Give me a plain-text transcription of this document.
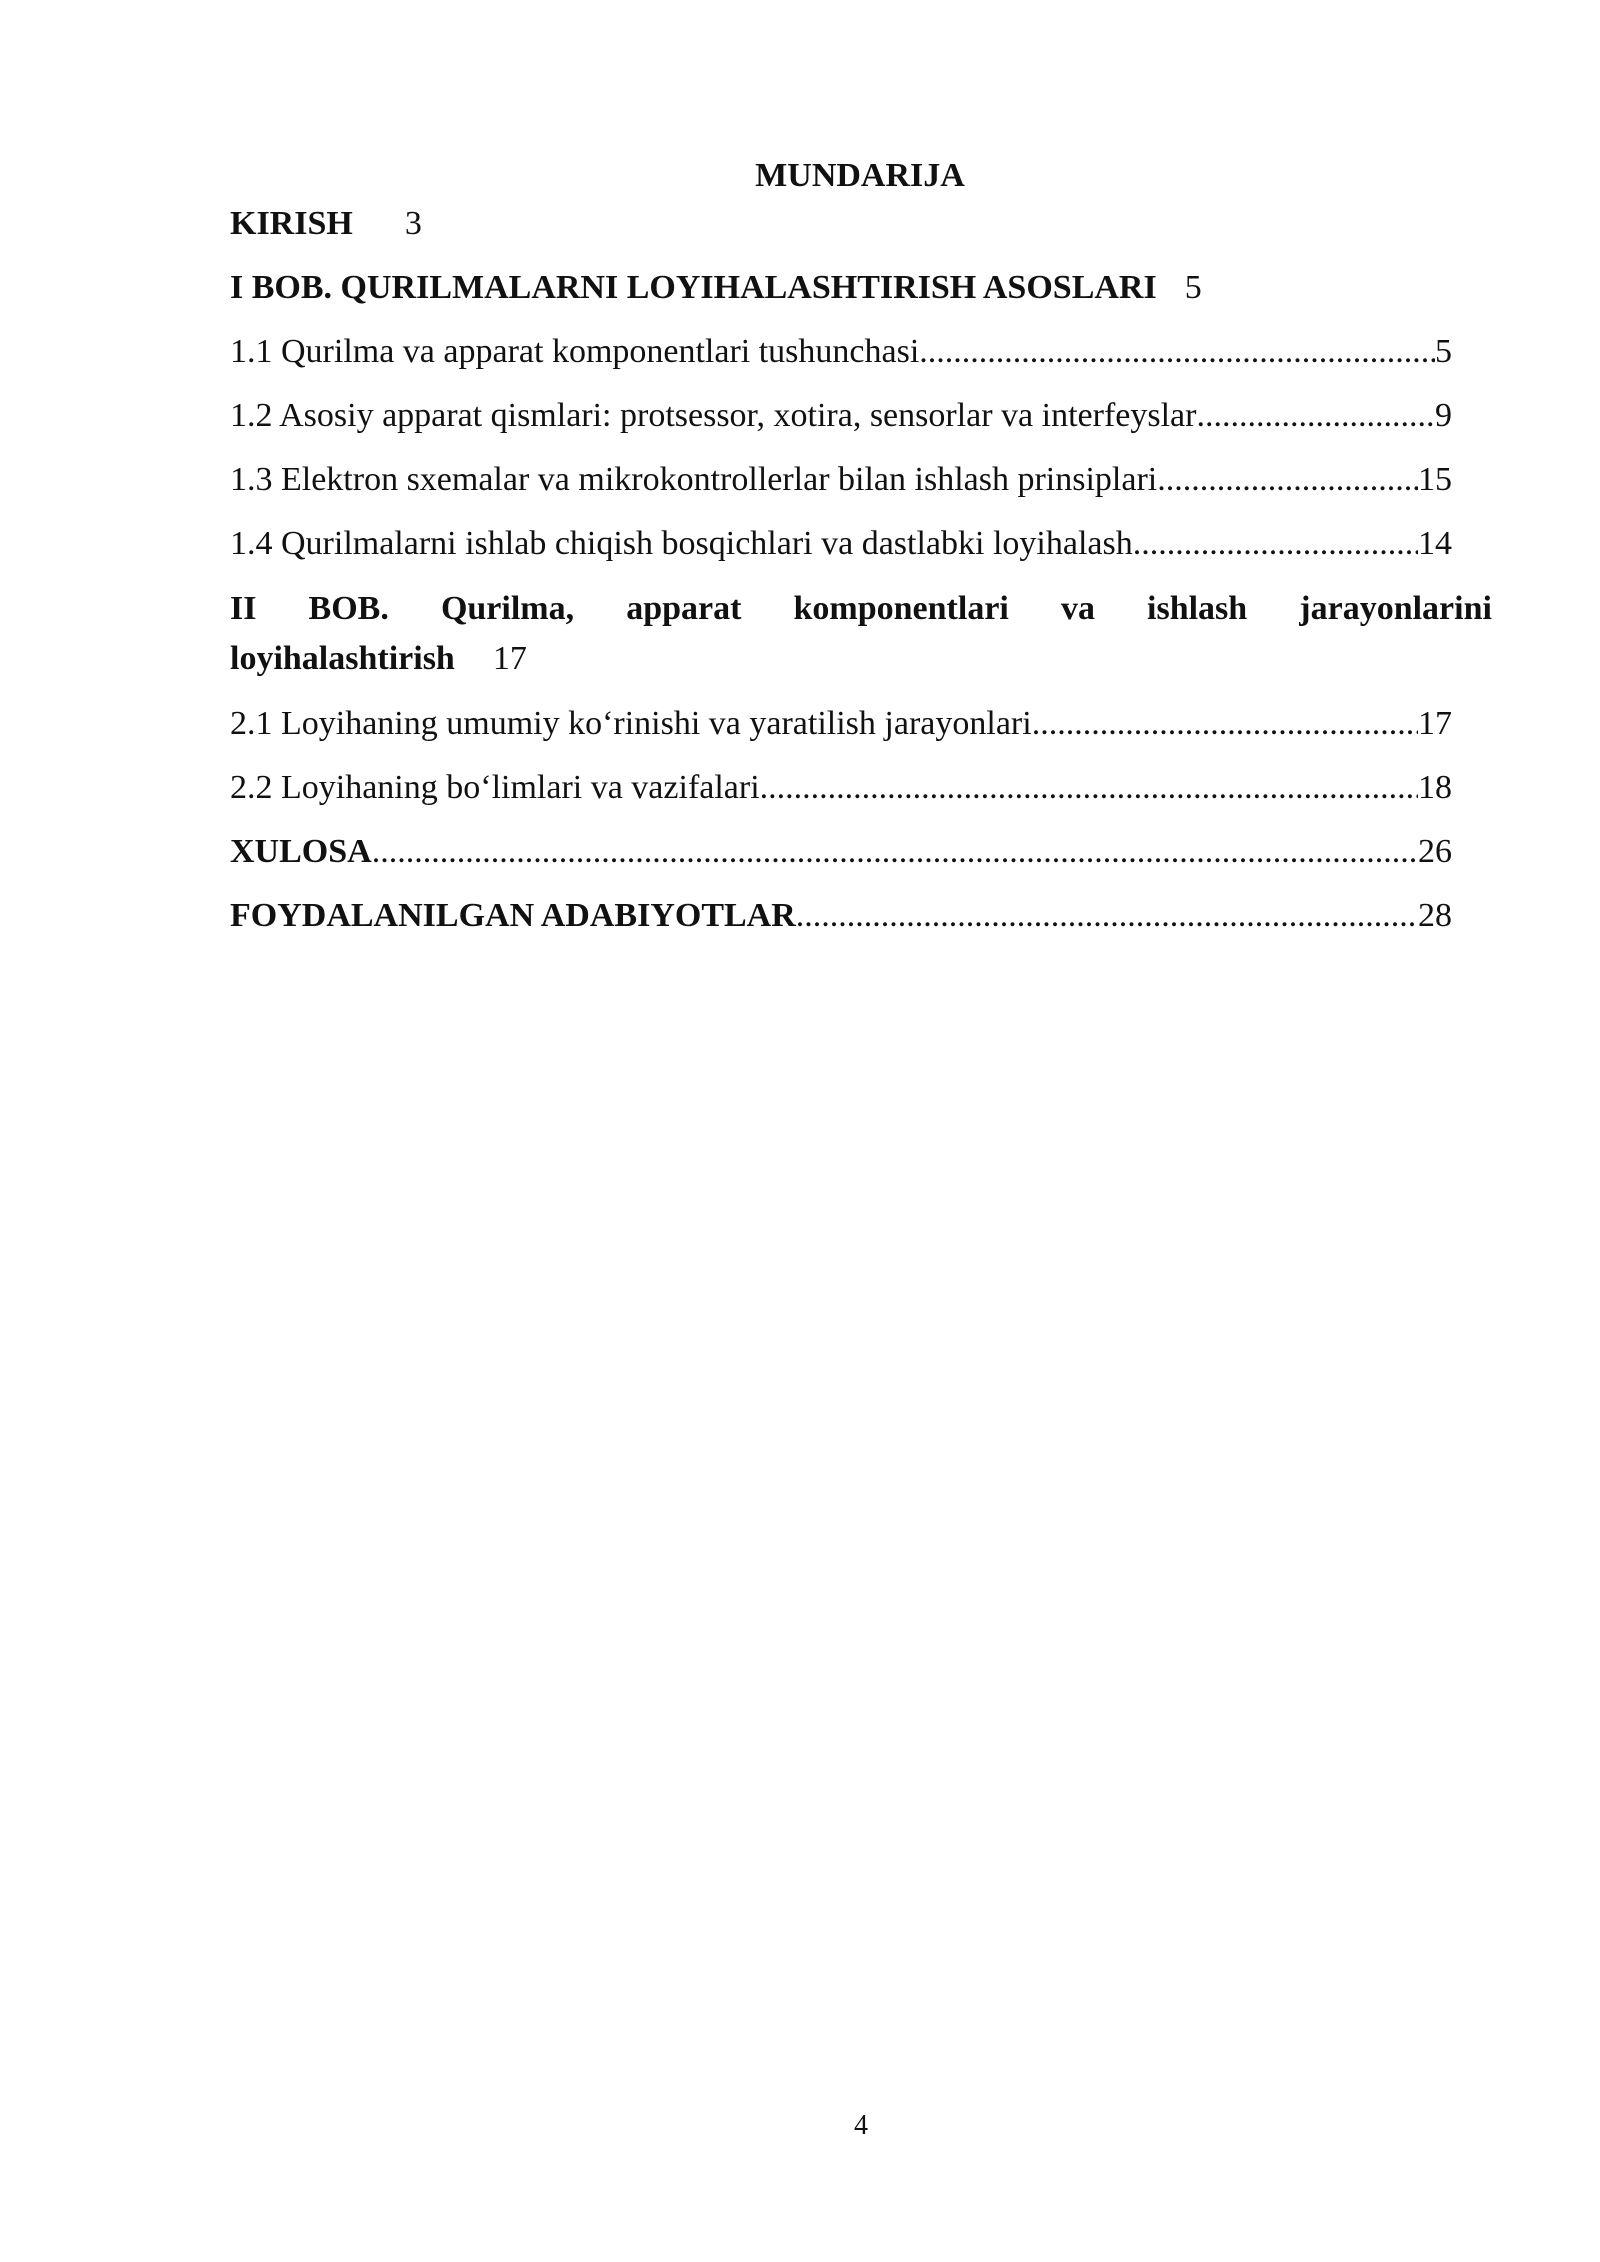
MUNDARIJA
KIRISH 3
I BOB. QURILMALARNI LOYIHALASHTIRISH ASOSLARI 5
1.1 Qurilma va apparat komponentlari tushunchasi .....	5
1.2 Asosiy apparat qismlari: protsessor, xotira, sensorlar va interfeyslar .....	9
1.3 Elektron sxemalar va mikrokontrollerlar bilan ishlash prinsiplari .....	15
1.4 Qurilmalarni ishlab chiqish bosqichlari va dastlabki loyihalash .....	14
II BOB. Qurilma, apparat komponentlari va ishlash jarayonlarini
loyihalashtirish 17
2.1 Loyihaning umumiy ko‘rinishi va yaratilish jarayonlari .....	17
2.2 Loyihaning bo‘limlari va vazifalari .....	18
XULOSA .....	26
FOYDALANILGAN ADABIYOTLAR .....	28
4
